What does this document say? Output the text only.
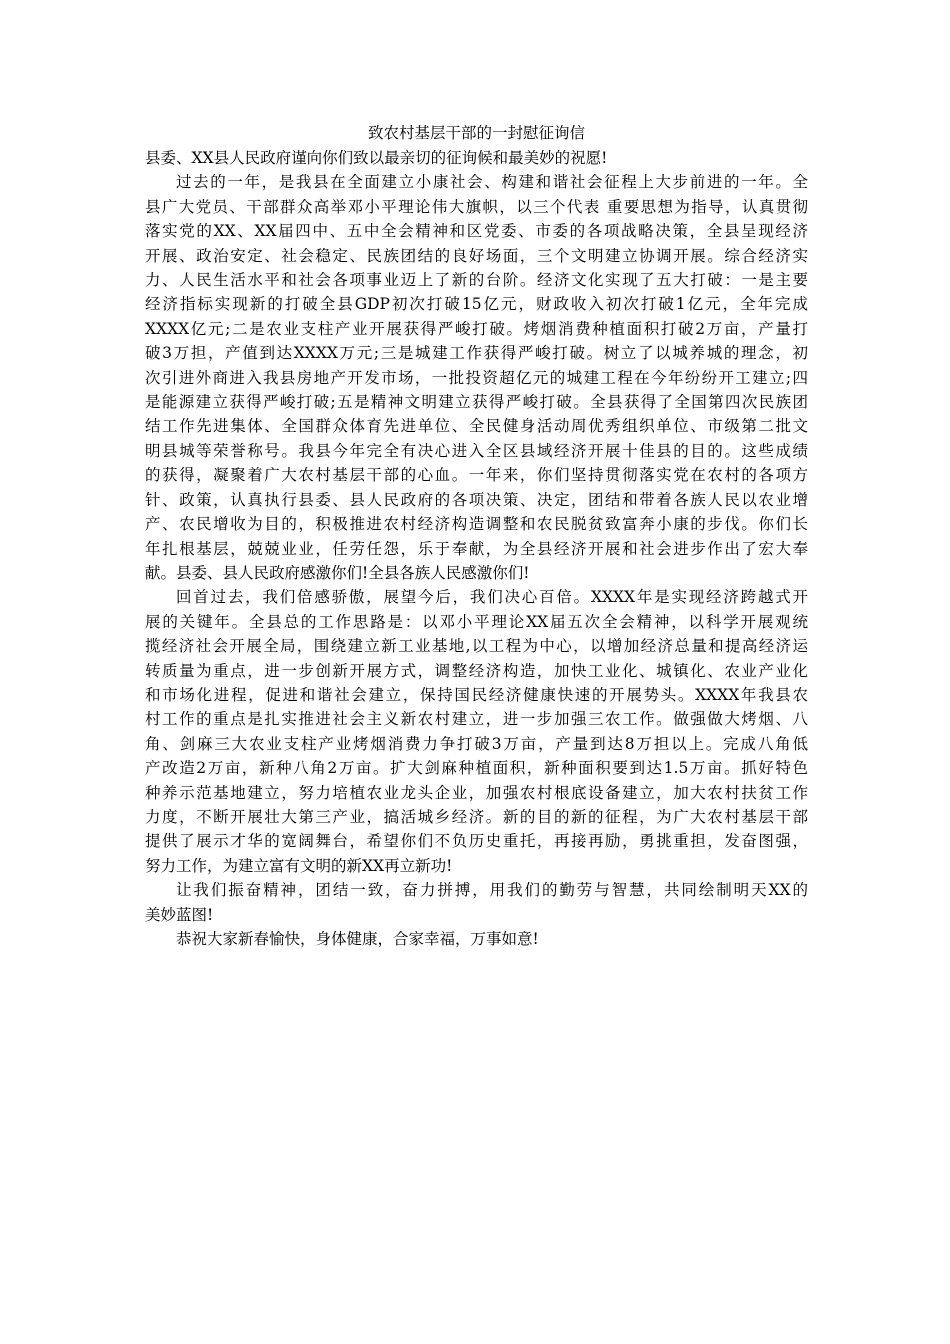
致农村基层干部的一封慰征询信

县委、XX县人民政府谨向你们致以最亲切的征询候和最美妙的祝愿!

过去的一年，是我县在全面建立小康社会、构建和谐社会征程上大步前进的一年。全

县广大党员、干部群众高举邓小平理论伟大旗帜，以三个代表 重要思想为指导，认真贯彻

落实党的XX、XX届四中、五中全会精神和区党委、市委的各项战略决策，全县呈现经济

开展、政治安定、社会稳定、民族团结的良好场面，三个文明建立协调开展。综合经济实

力、人民生活水平和社会各项事业迈上了新的台阶。经济文化实现了五大打破：一是主要

经济指标实现新的打破全县GDP初次打破15亿元，财政收入初次打破1亿元，全年完成

XXXX亿元;二是农业支柱产业开展获得严峻打破。烤烟消费种植面积打破2万亩，产量打

破3万担，产值到达XXXX万元;三是城建工作获得严峻打破。树立了以城养城的理念，初

次引进外商进入我县房地产开发市场，一批投资超亿元的城建工程在今年纷纷开工建立;四

是能源建立获得严峻打破;五是精神文明建立获得严峻打破。全县获得了全国第四次民族团

结工作先进集体、全国群众体育先进单位、全民健身活动周优秀组织单位、市级第二批文

明县城等荣誉称号。我县今年完全有决心进入全区县域经济开展十佳县的目的。这些成绩

的获得，凝聚着广大农村基层干部的心血。一年来，你们坚持贯彻落实党在农村的各项方

针、政策，认真执行县委、县人民政府的各项决策、决定，团结和带着各族人民以农业增

产、农民增收为目的，积极推进农村经济构造调整和农民脱贫致富奔小康的步伐。你们长

年扎根基层，兢兢业业，任劳任怨，乐于奉献，为全县经济开展和社会进步作出了宏大奉

献。县委、县人民政府感激你们!全县各族人民感激你们!

回首过去，我们倍感骄傲，展望今后，我们决心百倍。XXXX年是实现经济跨越式开

展的关键年。全县总的工作思路是：以邓小平理论XX届五次全会精神，以科学开展观统

揽经济社会开展全局，围绕建立新工业基地,以工程为中心，以增加经济总量和提高经济运

转质量为重点，进一步创新开展方式，调整经济构造，加快工业化、城镇化、农业产业化

和市场化进程，促进和谐社会建立，保持国民经济健康快速的开展势头。XXXX年我县农

村工作的重点是扎实推进社会主义新农村建立，进一步加强三农工作。做强做大烤烟、八

角、剑麻三大农业支柱产业烤烟消费力争打破3万亩，产量到达8万担以上。完成八角低

产改造2万亩，新种八角2万亩。扩大剑麻种植面积，新种面积要到达1.5万亩。抓好特色

种养示范基地建立，努力培植农业龙头企业，加强农村根底设备建立，加大农村扶贫工作

力度，不断开展壮大第三产业，搞活城乡经济。新的目的新的征程，为广大农村基层干部

提供了展示才华的宽阔舞台，希望你们不负历史重托，再接再励，勇挑重担，发奋图强，

努力工作，为建立富有文明的新XX再立新功!

让我们振奋精神，团结一致，奋力拼搏，用我们的勤劳与智慧，共同绘制明天XX的

美妙蓝图!

恭祝大家新春愉快，身体健康，合家幸福，万事如意!
